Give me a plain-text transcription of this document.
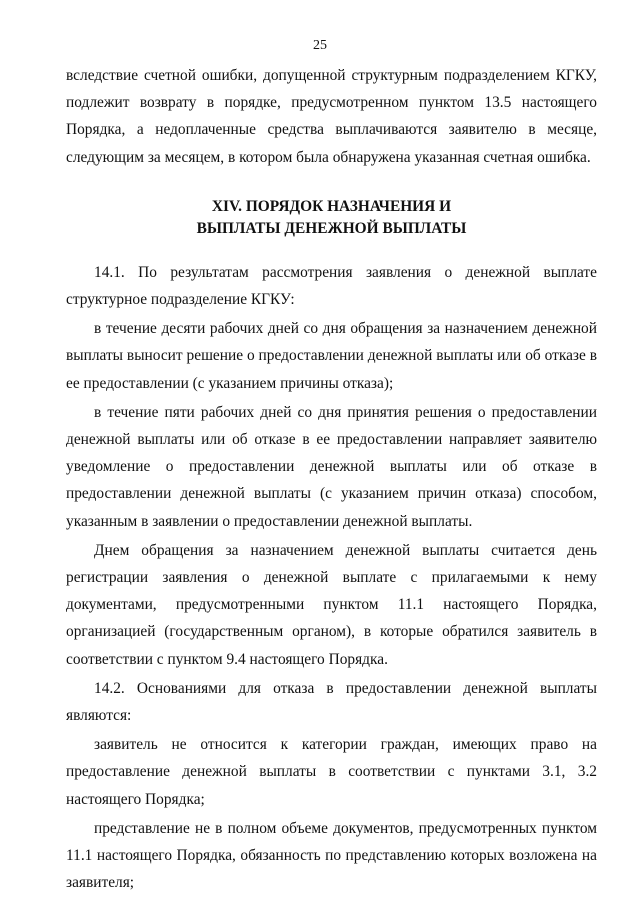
25

вследствие счетной ошибки, допущенной структурным подразделением КГКУ, подлежит возврату в порядке, предусмотренном пунктом 13.5 настоящего Порядка, а недоплаченные средства выплачиваются заявителю в месяце, следующим за месяцем, в котором была обнаружена указанная счетная ошибка.

XIV. ПОРЯДОК НАЗНАЧЕНИЯ И
ВЫПЛАТЫ ДЕНЕЖНОЙ ВЫПЛАТЫ

14.1. По результатам рассмотрения заявления о денежной выплате структурное подразделение КГКУ:

в течение десяти рабочих дней со дня обращения за назначением денежной выплаты выносит решение о предоставлении денежной выплаты или об отказе в ее предоставлении (с указанием причины отказа);

в течение пяти рабочих дней со дня принятия решения о предоставлении денежной выплаты или об отказе в ее предоставлении направляет заявителю уведомление о предоставлении денежной выплаты или об отказе в предоставлении денежной выплаты (с указанием причин отказа) способом, указанным в заявлении о предоставлении денежной выплаты.

Днем обращения за назначением денежной выплаты считается день регистрации заявления о денежной выплате с прилагаемыми к нему документами, предусмотренными пунктом 11.1 настоящего Порядка, организацией (государственным органом), в которые обратился заявитель в соответствии с пунктом 9.4 настоящего Порядка.

14.2. Основаниями для отказа в предоставлении денежной выплаты являются:

заявитель не относится к категории граждан, имеющих право на предоставление денежной выплаты в соответствии с пунктами 3.1, 3.2 настоящего Порядка;

представление не в полном объеме документов, предусмотренных пунктом 11.1 настоящего Порядка, обязанность по представлению которых возложена на заявителя;
